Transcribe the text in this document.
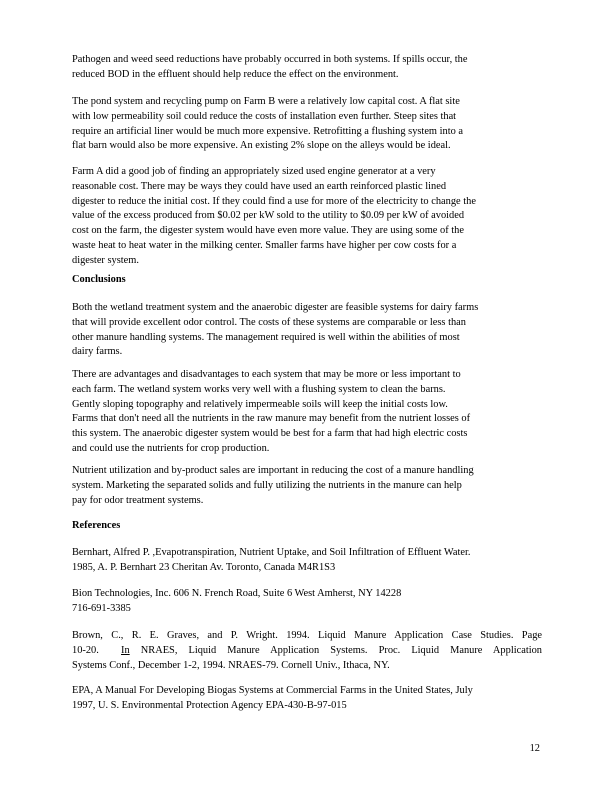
Pathogen and weed seed reductions have probably occurred in both systems. If spills occur, the
reduced BOD in the effluent should help reduce the effect on the environment.
The pond system and recycling pump on Farm B were a relatively low capital cost. A flat site
with low permeability soil could reduce the costs of installation even further. Steep sites that
require an artificial liner would be much more expensive. Retrofitting a flushing system into a
flat barn would also be more expensive. An existing 2% slope on the alleys would be ideal.
Farm A did a good job of finding an appropriately sized used engine generator at a very
reasonable cost. There may be ways they could have used an earth reinforced plastic lined
digester to reduce the initial cost. If they could find a use for more of the electricity to change the
value of the excess produced from $0.02 per kW sold to the utility to $0.09 per kW of avoided
cost on the farm, the digester system would have even more value. They are using some of the
waste heat to heat water in the milking center. Smaller farms have higher per cow costs for a
digester system.
Conclusions
Both the wetland treatment system and the anaerobic digester are feasible systems for dairy farms
that will provide excellent odor control. The costs of these systems are comparable or less than
other manure handling systems. The management required is well within the abilities of most
dairy farms.
There are advantages and disadvantages to each system that may be more or less important to
each farm. The wetland system works very well with a flushing system to clean the barns.
Gently sloping topography and relatively impermeable soils will keep the initial costs low.
Farms that don't need all the nutrients in the raw manure may benefit from the nutrient losses of
this system. The anaerobic digester system would be best for a farm that had high electric costs
and could use the nutrients for crop production.
Nutrient utilization and by-product sales are important in reducing the cost of a manure handling
system. Marketing the separated solids and fully utilizing the nutrients in the manure can help
pay for odor treatment systems.
References
Bernhart, Alfred P. ,Evapotranspiration, Nutrient Uptake, and Soil Infiltration of Effluent Water.
1985, A. P. Bernhart 23 Cheritan Av. Toronto, Canada M4R1S3
Bion Technologies, Inc. 606 N. French Road, Suite 6 West Amherst, NY 14228
716-691-3385
Brown, C., R. E. Graves, and P. Wright. 1994. Liquid Manure Application Case Studies. Page
10-20.  In NRAES, Liquid Manure Application Systems. Proc. Liquid Manure Application
Systems Conf., December 1-2, 1994. NRAES-79. Cornell Univ., Ithaca, NY.
EPA, A Manual For Developing Biogas Systems at Commercial Farms in the United States, July
1997, U. S. Environmental Protection Agency EPA-430-B-97-015
12
